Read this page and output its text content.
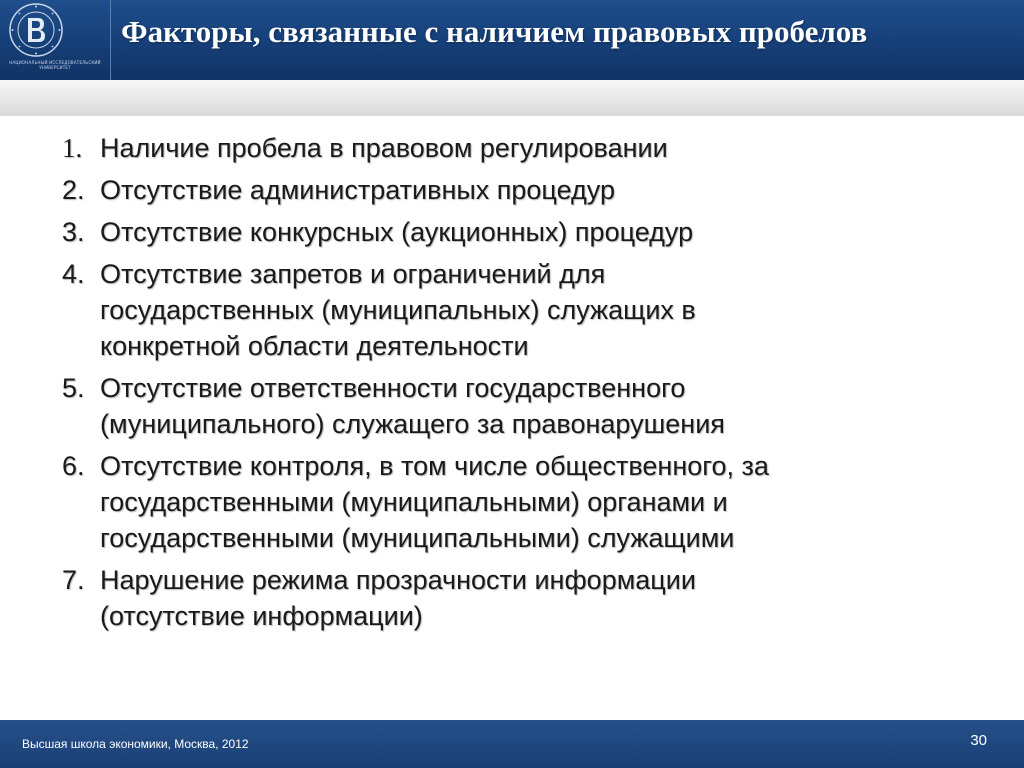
НАЦИОНАЛЬНЫЙ ИССЛЕДОВАТЕЛЬСКИЙ УНИВЕРСИТЕТ
Факторы, связанные с наличием правовых пробелов
1. Наличие пробела в правовом регулировании
2. Отсутствие административных процедур
3. Отсутствие конкурсных (аукционных) процедур
4. Отсутствие запретов и ограничений для
государственных (муниципальных) служащих в
конкретной области деятельности
5. Отсутствие ответственности государственного
(муниципального) служащего за правонарушения
6. Отсутствие контроля, в том числе общественного, за
государственными (муниципальными) органами и
государственными (муниципальными) служащими
7. Нарушение режима прозрачности информации
(отсутствие информации)
Высшая школа экономики, Москва, 2012	30
